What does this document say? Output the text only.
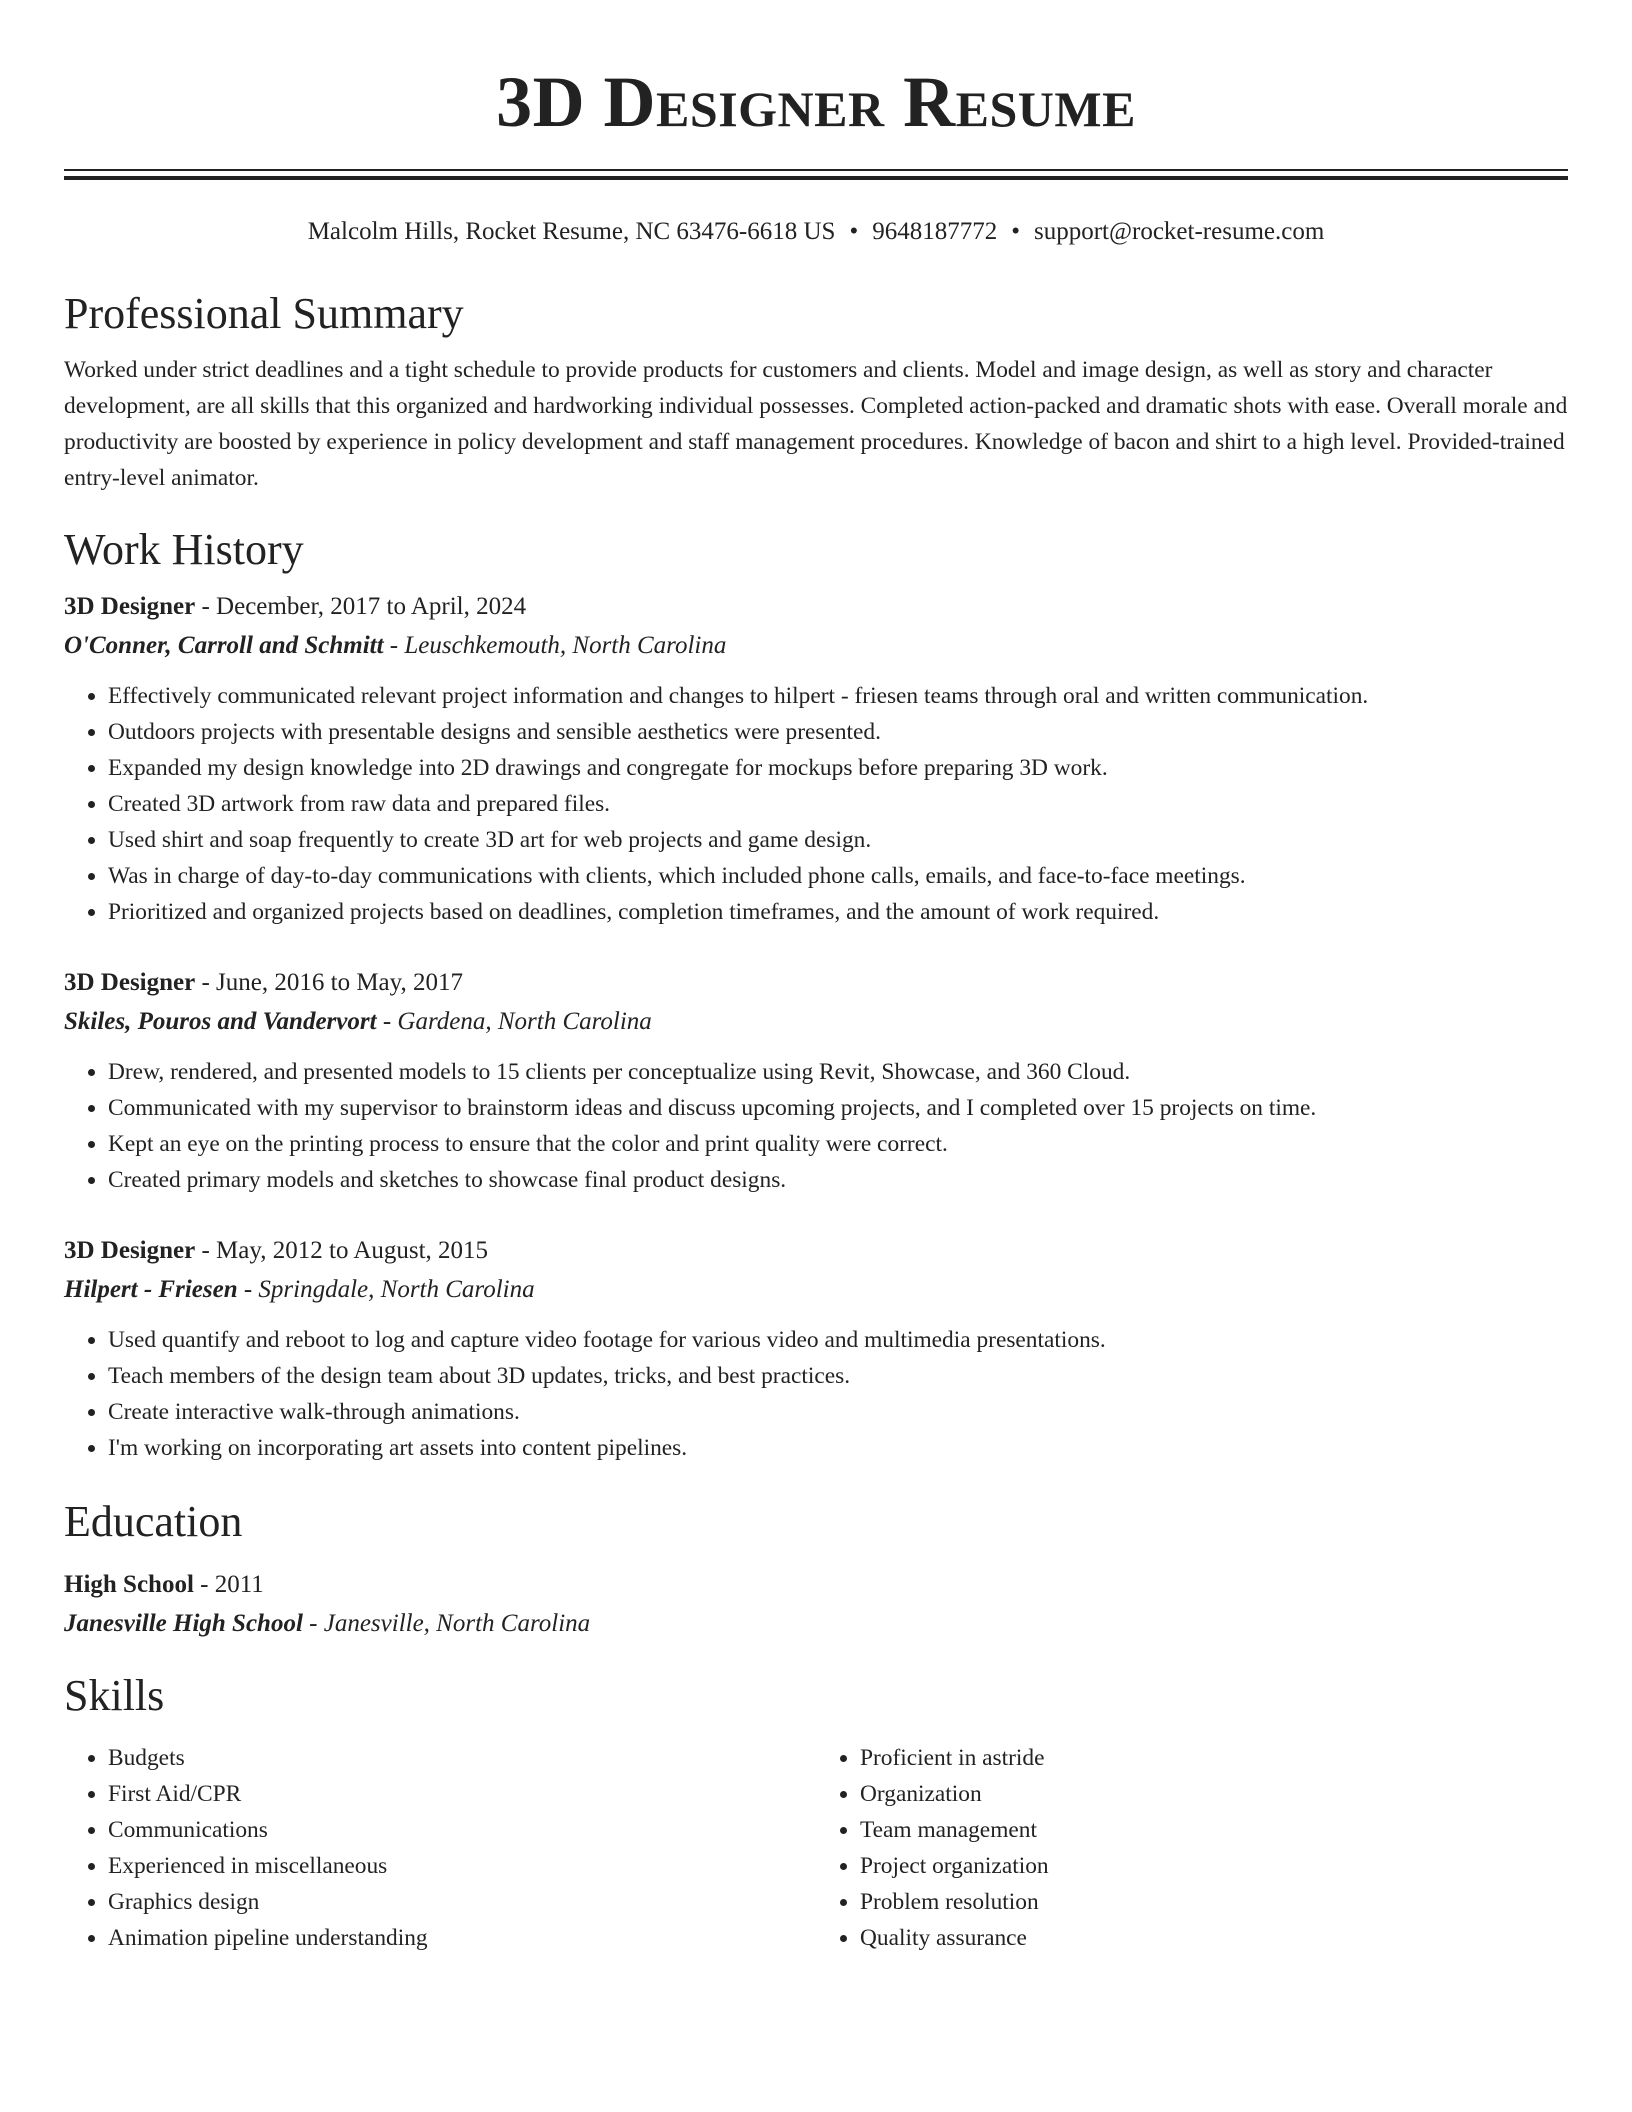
3D Designer Resume
Malcolm Hills, Rocket Resume, NC 63476-6618 US • 9648187772 • support@rocket-resume.com
Professional Summary

Worked under strict deadlines and a tight schedule to provide products for customers and clients. Model and image design, as well as story and character development, are all skills that this organized and hardworking individual possesses. Completed action-packed and dramatic shots with ease. Overall morale and productivity are boosted by experience in policy development and staff management procedures. Knowledge of bacon and shirt to a high level. Provided-trained entry-level animator.

Work History
3D Designer - December, 2017 to April, 2024
O'Conner, Carroll and Schmitt - Leuschkemouth, North Carolina
• Effectively communicated relevant project information and changes to hilpert - friesen teams through oral and written communication.
• Outdoors projects with presentable designs and sensible aesthetics were presented.
• Expanded my design knowledge into 2D drawings and congregate for mockups before preparing 3D work.
• Created 3D artwork from raw data and prepared files.
• Used shirt and soap frequently to create 3D art for web projects and game design.
• Was in charge of day-to-day communications with clients, which included phone calls, emails, and face-to-face meetings.
• Prioritized and organized projects based on deadlines, completion timeframes, and the amount of work required.
3D Designer - June, 2016 to May, 2017
Skiles, Pouros and Vandervort - Gardena, North Carolina
• Drew, rendered, and presented models to 15 clients per conceptualize using Revit, Showcase, and 360 Cloud.
• Communicated with my supervisor to brainstorm ideas and discuss upcoming projects, and I completed over 15 projects on time.
• Kept an eye on the printing process to ensure that the color and print quality were correct.
• Created primary models and sketches to showcase final product designs.
3D Designer - May, 2012 to August, 2015
Hilpert - Friesen - Springdale, North Carolina
• Used quantify and reboot to log and capture video footage for various video and multimedia presentations.
• Teach members of the design team about 3D updates, tricks, and best practices.
• Create interactive walk-through animations.
• I'm working on incorporating art assets into content pipelines.
Education
High School - 2011
Janesville High School - Janesville, North Carolina
Skills
• Budgets
• First Aid/CPR
• Communications
• Experienced in miscellaneous
• Graphics design
• Animation pipeline understanding
• Proficient in astride
• Organization
• Team management
• Project organization
• Problem resolution
• Quality assurance
